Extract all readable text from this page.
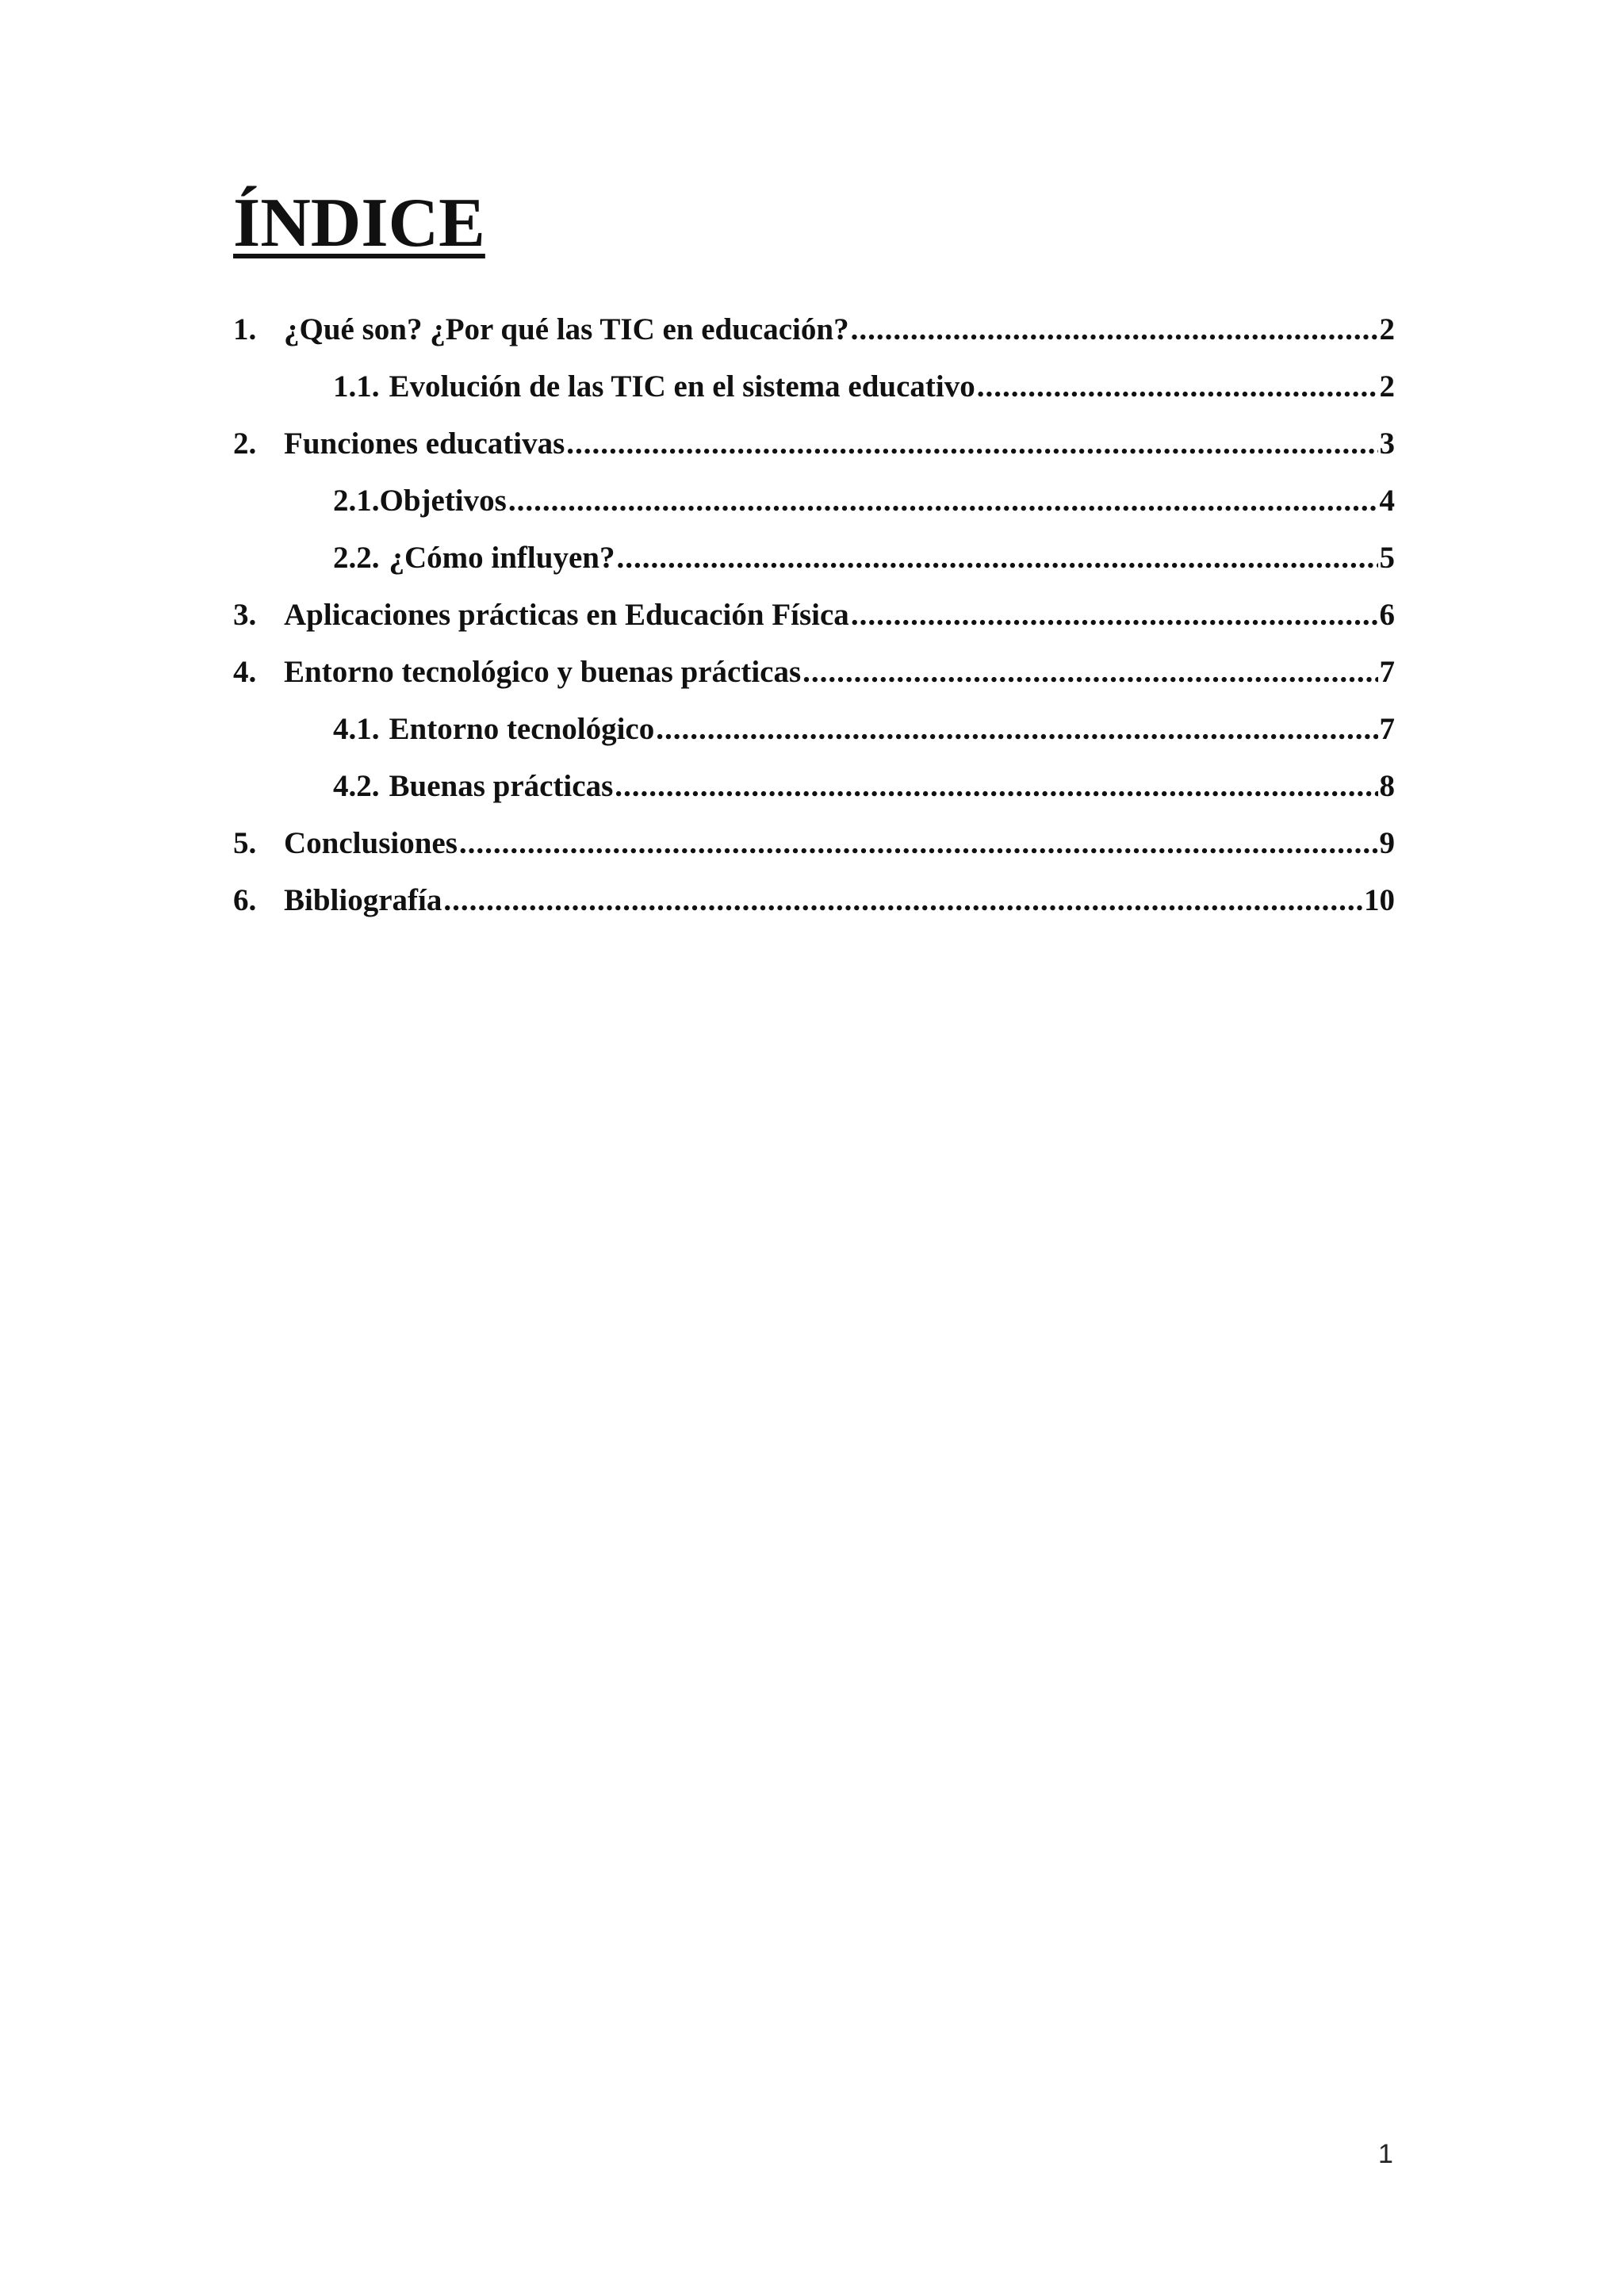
ÍNDICE
1. ¿Qué son? ¿Por qué las TIC en educación? .....	2
1.1. Evolución de las TIC en el sistema educativo .....	2
2. Funciones educativas .....	3
2.1. Objetivos .....	4
2.2. ¿Cómo influyen? .....	5
3. Aplicaciones prácticas en Educación Física .....	6
4. Entorno tecnológico y buenas prácticas .....	7
4.1. Entorno tecnológico .....	7
4.2. Buenas prácticas .....	8
5. Conclusiones .....	9
6. Bibliografía .....	10
1
